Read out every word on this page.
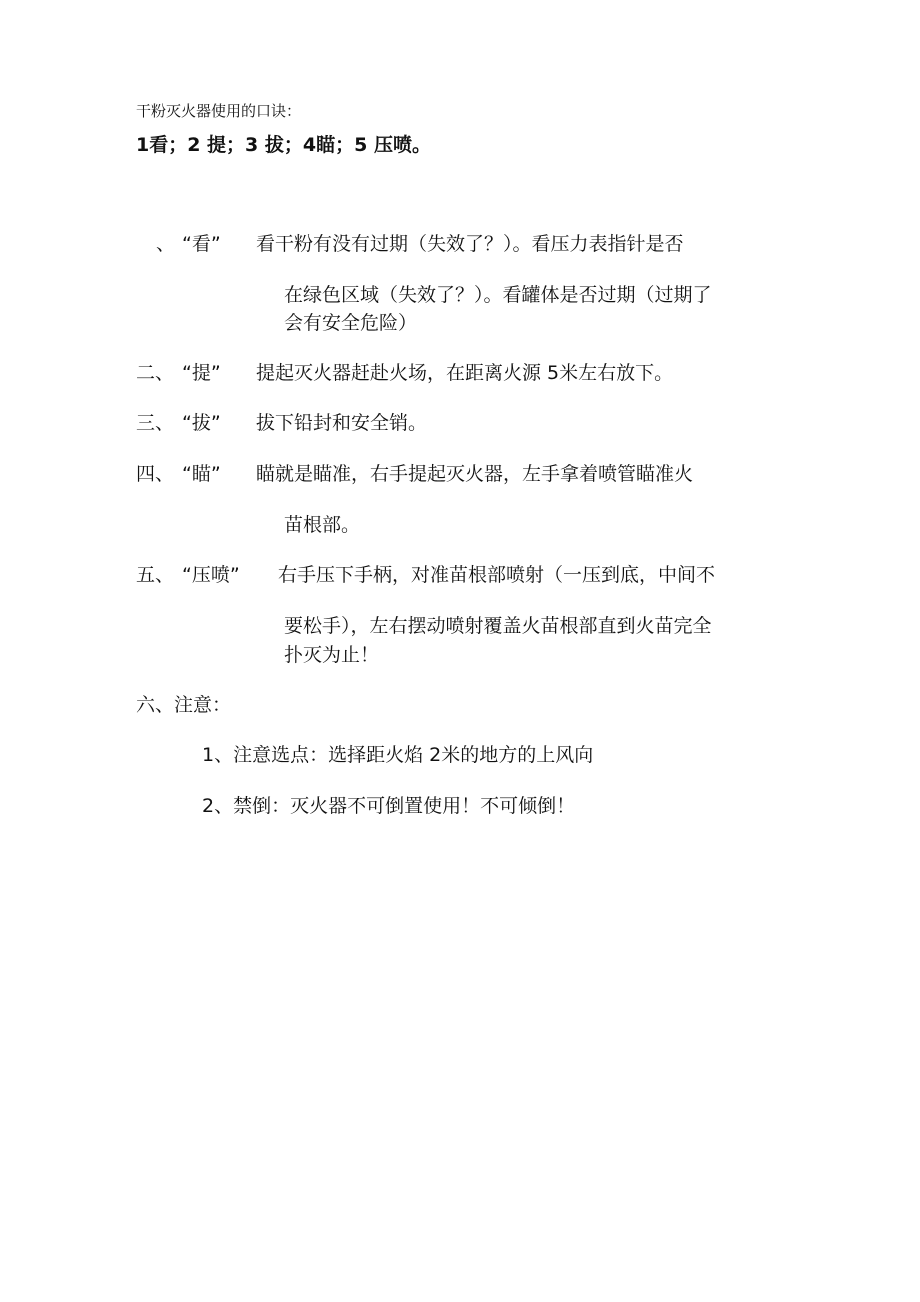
干粉灭火器使用的口诀：
1看；2 提；3 拔；4瞄；5 压喷。
、 “看” 看干粉有没有过期（失效了？）。看压力表指针是否
在绿色区域（失效了？）。看罐体是否过期（过期了
会有安全危险）
二、 “提” 提起灭火器赶赴火场，在距离火源 5米左右放下。
三、 “拔” 拔下铅封和安全销。
四、 “瞄” 瞄就是瞄准，右手提起灭火器，左手拿着喷管瞄准火
苗根部。
五、 “压喷” 右手压下手柄，对准苗根部喷射（一压到底，中间不
要松手），左右摆动喷射覆盖火苗根部直到火苗完全
扑灭为止！
六、注意：
1、注意选点：选择距火焰 2米的地方的上风向
2、禁倒：灭火器不可倒置使用！不可倾倒！
